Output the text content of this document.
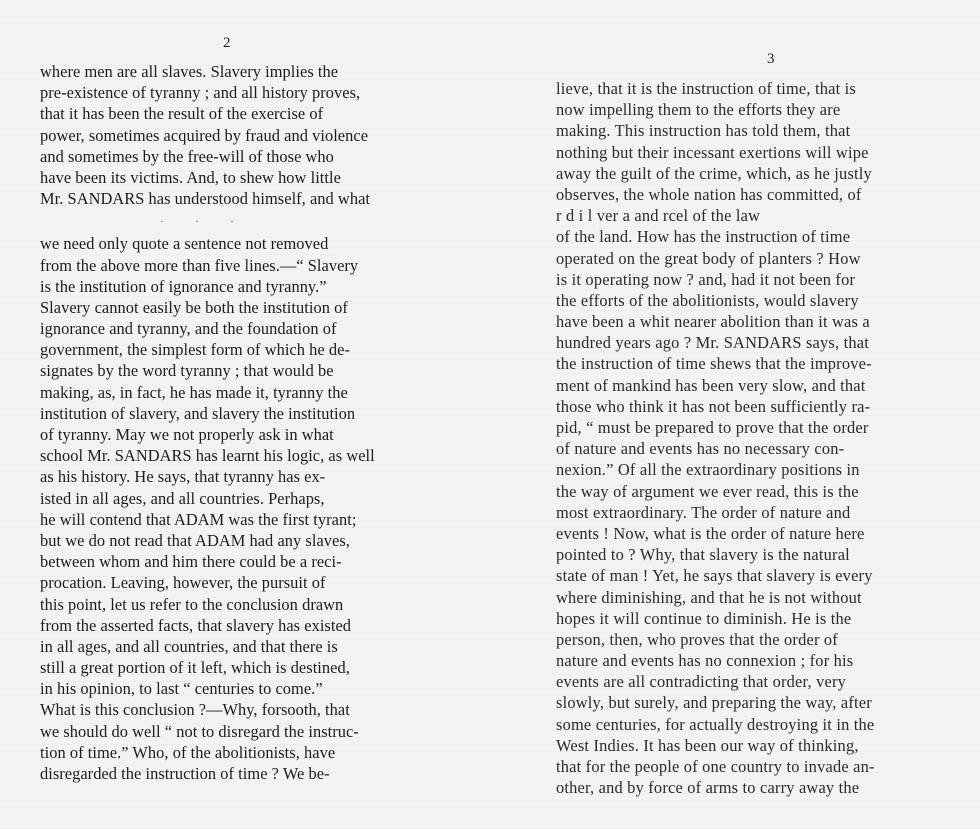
2
3
where men are all slaves. Slavery implies the
pre-existence of tyranny ; and all history proves,
that it has been the result of the exercise of
power, sometimes acquired by fraud and violence
and sometimes by the free-will of those who
have been its victims. And, to shew how little
Mr. SANDARS has understood himself, and what
· · ·
we need only quote a sentence not removed
from the above more than five lines.—“ Slavery
is the institution of ignorance and tyranny.”
Slavery cannot easily be both the institution of
ignorance and tyranny, and the foundation of
government, the simplest form of which he de-
signates by the word tyranny ; that would be
making, as, in fact, he has made it, tyranny the
institution of slavery, and slavery the institution
of tyranny. May we not properly ask in what
school Mr. SANDARS has learnt his logic, as well
as his history. He says, that tyranny has ex-
isted in all ages, and all countries. Perhaps,
he will contend that ADAM was the first tyrant;
but we do not read that ADAM had any slaves,
between whom and him there could be a reci-
procation. Leaving, however, the pursuit of
this point, let us refer to the conclusion drawn
from the asserted facts, that slavery has existed
in all ages, and all countries, and that there is
still a great portion of it left, which is destined,
in his opinion, to last “ centuries to come.”
What is this conclusion ?—Why, forsooth, that
we should do well “ not to disregard the instruc-
tion of time.” Who, of the abolitionists, have
disregarded the instruction of time ? We be-
lieve, that it is the instruction of time, that is
now impelling them to the efforts they are
making. This instruction has told them, that
nothing but their incessant exertions will wipe
away the guilt of the crime, which, as he justly
observes, the whole nation has committed, of
r d i l ver a and rcel of the law
of the land. How has the instruction of time
operated on the great body of planters ? How
is it operating now ? and, had it not been for
the efforts of the abolitionists, would slavery
have been a whit nearer abolition than it was a
hundred years ago ? Mr. SANDARS says, that
the instruction of time shews that the improve-
ment of mankind has been very slow, and that
those who think it has not been sufficiently ra-
pid, “ must be prepared to prove that the order
of nature and events has no necessary con-
nexion.” Of all the extraordinary positions in
the way of argument we ever read, this is the
most extraordinary. The order of nature and
events ! Now, what is the order of nature here
pointed to ? Why, that slavery is the natural
state of man ! Yet, he says that slavery is every
where diminishing, and that he is not without
hopes it will continue to diminish. He is the
person, then, who proves that the order of
nature and events has no connexion ; for his
events are all contradicting that order, very
slowly, but surely, and preparing the way, after
some centuries, for actually destroying it in the
West Indies. It has been our way of thinking,
that for the people of one country to invade an-
other, and by force of arms to carry away the
